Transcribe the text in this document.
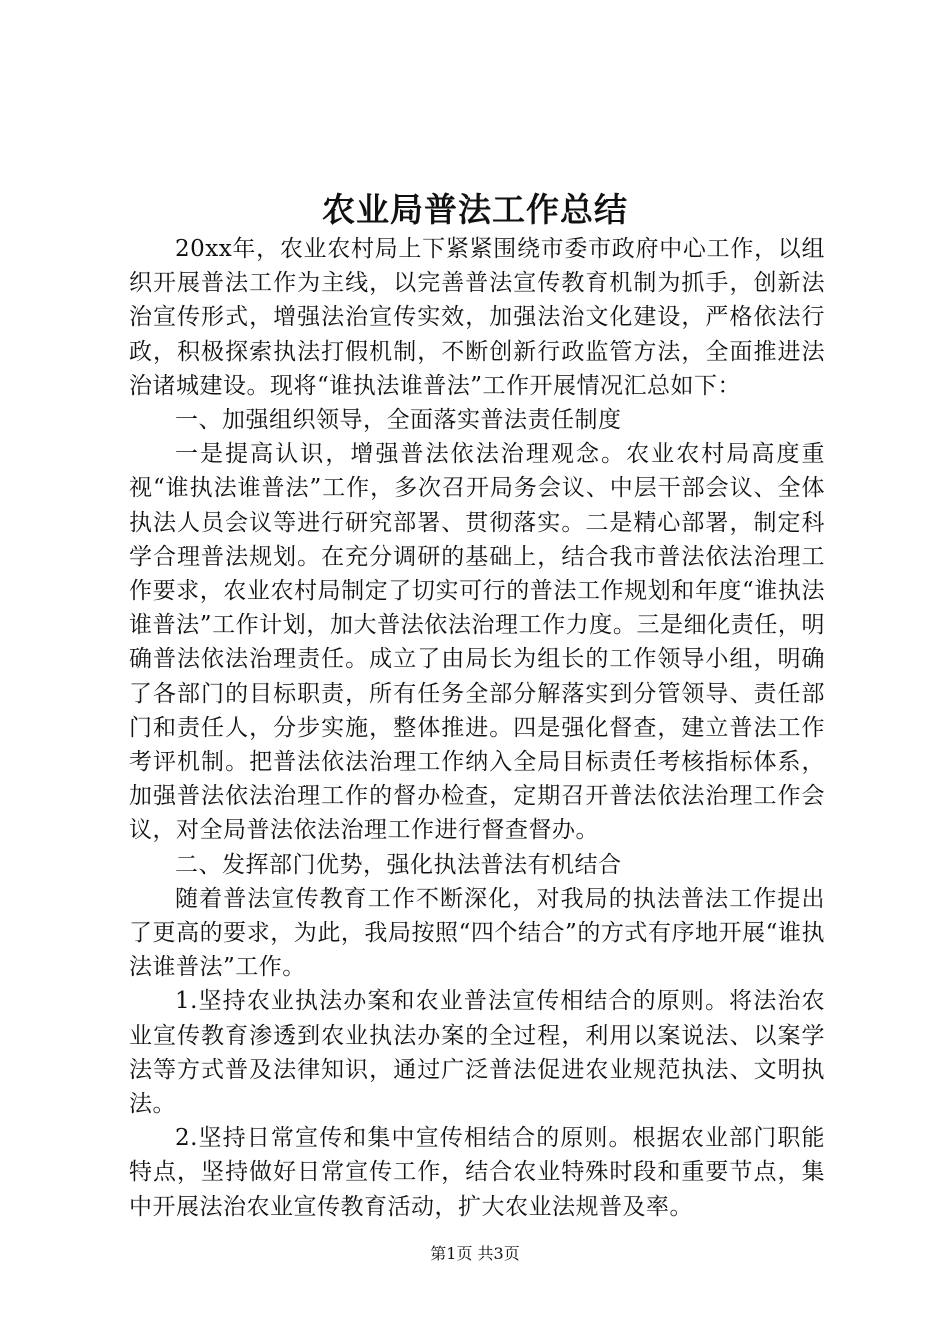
农业局普法工作总结

20xx年，农业农村局上下紧紧围绕市委市政府中心工作，以组织开展普法工作为主线，以完善普法宣传教育机制为抓手，创新法治宣传形式，增强法治宣传实效，加强法治文化建设，严格依法行政，积极探索执法打假机制，不断创新行政监管方法，全面推进法治诸城建设。现将“谁执法谁普法”工作开展情况汇总如下：

一、加强组织领导，全面落实普法责任制度

一是提高认识，增强普法依法治理观念。农业农村局高度重视“谁执法谁普法”工作，多次召开局务会议、中层干部会议、全体执法人员会议等进行研究部署、贯彻落实。二是精心部署，制定科学合理普法规划。在充分调研的基础上，结合我市普法依法治理工作要求，农业农村局制定了切实可行的普法工作规划和年度“谁执法谁普法”工作计划，加大普法依法治理工作力度。三是细化责任，明确普法依法治理责任。成立了由局长为组长的工作领导小组，明确了各部门的目标职责，所有任务全部分解落实到分管领导、责任部门和责任人，分步实施，整体推进。四是强化督查，建立普法工作考评机制。把普法依法治理工作纳入全局目标责任考核指标体系，加强普法依法治理工作的督办检查，定期召开普法依法治理工作会议，对全局普法依法治理工作进行督查督办。

二、发挥部门优势，强化执法普法有机结合

随着普法宣传教育工作不断深化，对我局的执法普法工作提出了更高的要求，为此，我局按照“四个结合”的方式有序地开展“谁执法谁普法”工作。

1.坚持农业执法办案和农业普法宣传相结合的原则。将法治农业宣传教育渗透到农业执法办案的全过程，利用以案说法、以案学法等方式普及法律知识，通过广泛普法促进农业规范执法、文明执法。

2.坚持日常宣传和集中宣传相结合的原则。根据农业部门职能特点，坚持做好日常宣传工作，结合农业特殊时段和重要节点，集中开展法治农业宣传教育活动，扩大农业法规普及率。

第1页 共3页
